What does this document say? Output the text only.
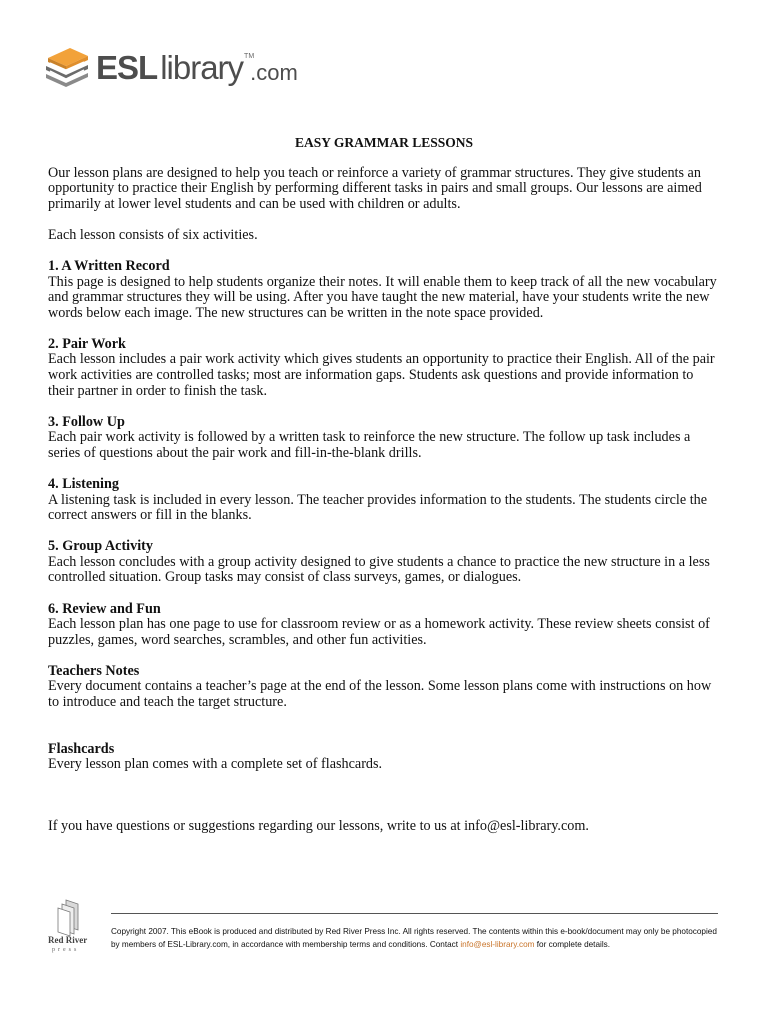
ESL library TM
.com
EASY GRAMMAR LESSONS

Our lesson plans are designed to help you teach or reinforce a variety of grammar structures. They give students an opportunity to practice their English by performing different tasks in pairs and small groups. Our lessons are aimed primarily at lower level students and can be used with children or adults.

Each lesson consists of six activities.

1. A Written Record
This page is designed to help students organize their notes. It will enable them to keep track of all the new vocabulary and grammar structures they will be using. After you have taught the new material, have your students write the new words below each image. The new structures can be written in the note space provided.
2. Pair Work
Each lesson includes a pair work activity which gives students an opportunity to practice their English. All of the pair work activities are controlled tasks; most are information gaps. Students ask questions and provide information to their partner in order to finish the task.
3. Follow Up
Each pair work activity is followed by a written task to reinforce the new structure. The follow up task includes a series of questions about the pair work and fill-in-the-blank drills.
4. Listening
A listening task is included in every lesson. The teacher provides information to the students. The students circle the correct answers or fill in the blanks.
5. Group Activity
Each lesson concludes with a group activity designed to give students a chance to practice the new structure in a less controlled situation. Group tasks may consist of class surveys, games, or dialogues.
6. Review and Fun
Each lesson plan has one page to use for classroom review or as a homework activity. These review sheets consist of puzzles, games, word searches, scrambles, and other fun activities.
Teachers Notes
Every document contains a teacher’s page at the end of the lesson. Some lesson plans come with instructions on how to introduce and teach the target structure.
Flashcards
Every lesson plan comes with a complete set of flashcards.

If you have questions or suggestions regarding our lessons, write to us at info@esl-library.com.

Red River
press
Copyright 2007. This eBook is produced and distributed by Red River Press Inc. All rights reserved. The contents within this e-book/document may only be photocopied by members of ESL-Library.com, in accordance with membership terms and conditions. Contact info@esl-library.com for complete details.
